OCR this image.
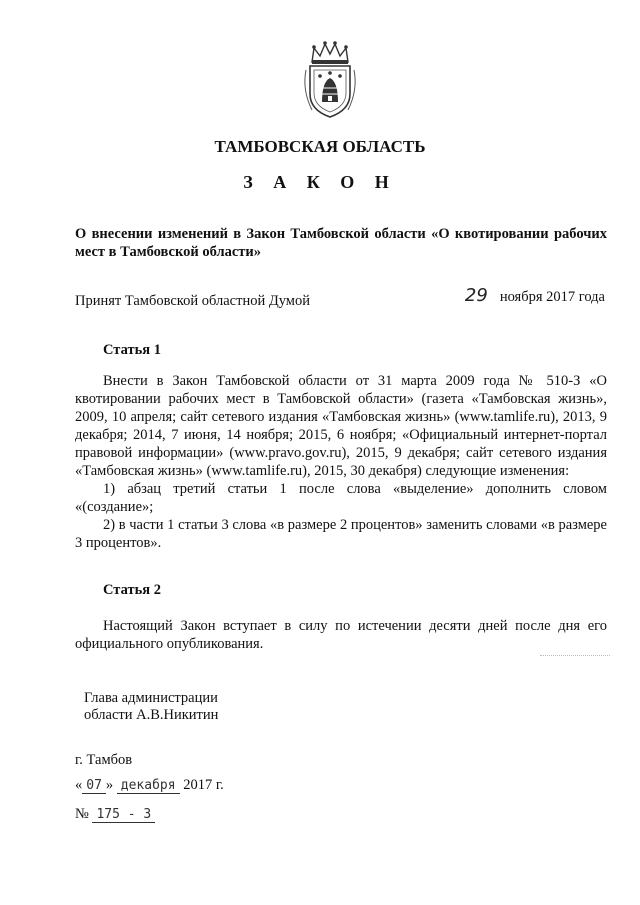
ТАМБОВСКАЯ ОБЛАСТЬ
З А К О Н
О внесении изменений в Закон Тамбовской области «О квотировании рабочих мест в Тамбовской области»
Принят Тамбовской областной Думой	29 ноября 2017 года
Статья 1

Внести в Закон Тамбовской области от 31 марта 2009 года № 510-З «О квотировании рабочих мест в Тамбовской области» (газета «Тамбовская жизнь», 2009, 10 апреля; сайт сетевого издания «Тамбовская жизнь» (www.tamlife.ru), 2013, 9 декабря; 2014, 7 июня, 14 ноября; 2015, 6 ноября; «Официальный интернет-портал правовой информации» (www.pravo.gov.ru), 2015, 9 декабря; сайт сетевого издания «Тамбовская жизнь» (www.tamlife.ru), 2015, 30 декабря) следующие изменения:

1) абзац третий статьи 1 после слова «выделение» дополнить словом «(создание»;

2) в части 1 статьи 3 слова «в размере 2 процентов» заменить словами «в размере 3 процентов».

Статья 2

Настоящий Закон вступает в силу по истечении десяти дней после дня его официального опубликования.

Глава администрации
области А.В.Никитин
г. Тамбов
« 07 » декабря 2017 г.
№ 175 - 3
